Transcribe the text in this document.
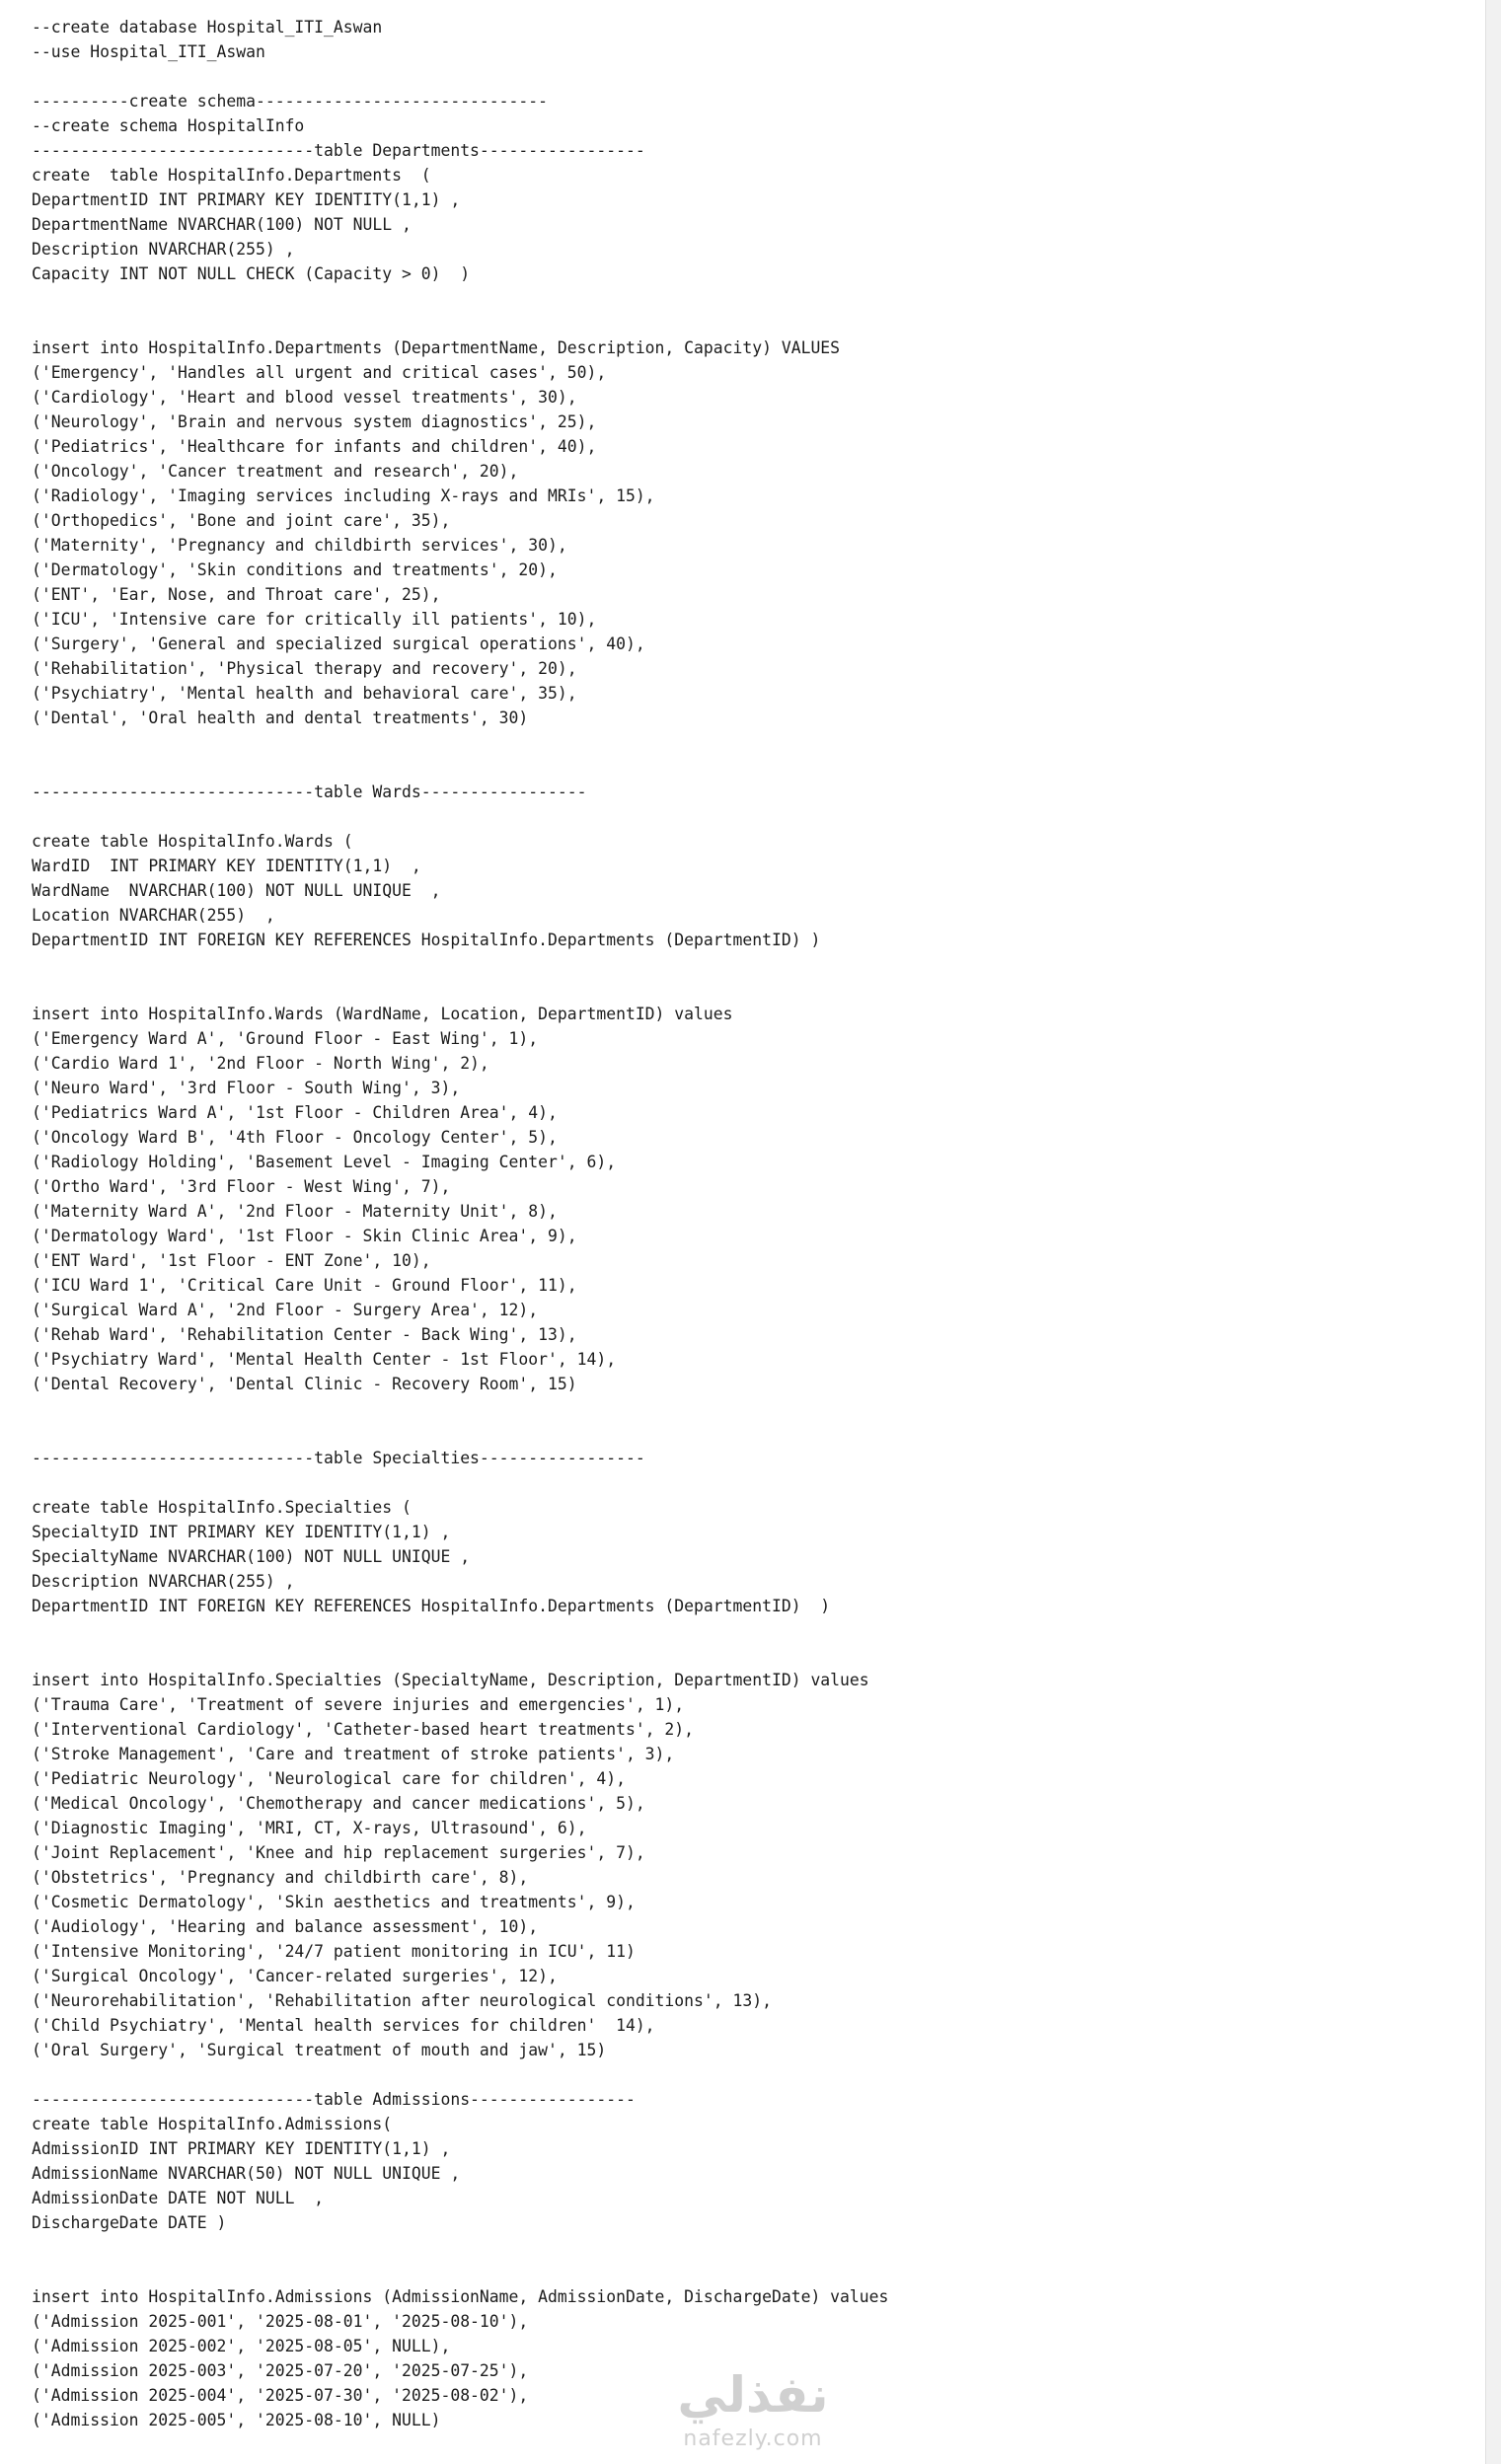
--create database Hospital_ITI_Aswan
--use Hospital_ITI_Aswan

----------create schema------------------------------
--create schema HospitalInfo
-----------------------------table Departments-----------------
create  table HospitalInfo.Departments  (
DepartmentID INT PRIMARY KEY IDENTITY(1,1) ,
DepartmentName NVARCHAR(100) NOT NULL ,
Description NVARCHAR(255) ,
Capacity INT NOT NULL CHECK (Capacity > 0)  )

insert into HospitalInfo.Departments (DepartmentName, Description, Capacity) VALUES
('Emergency', 'Handles all urgent and critical cases', 50),
('Cardiology', 'Heart and blood vessel treatments', 30),
('Neurology', 'Brain and nervous system diagnostics', 25),
('Pediatrics', 'Healthcare for infants and children', 40),
('Oncology', 'Cancer treatment and research', 20),
('Radiology', 'Imaging services including X-rays and MRIs', 15),
('Orthopedics', 'Bone and joint care', 35),
('Maternity', 'Pregnancy and childbirth services', 30),
('Dermatology', 'Skin conditions and treatments', 20),
('ENT', 'Ear, Nose, and Throat care', 25),
('ICU', 'Intensive care for critically ill patients', 10),
('Surgery', 'General and specialized surgical operations', 40),
('Rehabilitation', 'Physical therapy and recovery', 20),
('Psychiatry', 'Mental health and behavioral care', 35),
('Dental', 'Oral health and dental treatments', 30)

-----------------------------table Wards-----------------

create table HospitalInfo.Wards (
WardID  INT PRIMARY KEY IDENTITY(1,1)  ,
WardName  NVARCHAR(100) NOT NULL UNIQUE  ,
Location NVARCHAR(255)  ,
DepartmentID INT FOREIGN KEY REFERENCES HospitalInfo.Departments (DepartmentID) )

insert into HospitalInfo.Wards (WardName, Location, DepartmentID) values
('Emergency Ward A', 'Ground Floor - East Wing', 1),
('Cardio Ward 1', '2nd Floor - North Wing', 2),
('Neuro Ward', '3rd Floor - South Wing', 3),
('Pediatrics Ward A', '1st Floor - Children Area', 4),
('Oncology Ward B', '4th Floor - Oncology Center', 5),
('Radiology Holding', 'Basement Level - Imaging Center', 6),
('Ortho Ward', '3rd Floor - West Wing', 7),
('Maternity Ward A', '2nd Floor - Maternity Unit', 8),
('Dermatology Ward', '1st Floor - Skin Clinic Area', 9),
('ENT Ward', '1st Floor - ENT Zone', 10),
('ICU Ward 1', 'Critical Care Unit - Ground Floor', 11),
('Surgical Ward A', '2nd Floor - Surgery Area', 12),
('Rehab Ward', 'Rehabilitation Center - Back Wing', 13),
('Psychiatry Ward', 'Mental Health Center - 1st Floor', 14),
('Dental Recovery', 'Dental Clinic - Recovery Room', 15)

-----------------------------table Specialties-----------------

create table HospitalInfo.Specialties (
SpecialtyID INT PRIMARY KEY IDENTITY(1,1) ,
SpecialtyName NVARCHAR(100) NOT NULL UNIQUE ,
Description NVARCHAR(255) ,
DepartmentID INT FOREIGN KEY REFERENCES HospitalInfo.Departments (DepartmentID)  )

insert into HospitalInfo.Specialties (SpecialtyName, Description, DepartmentID) values
('Trauma Care', 'Treatment of severe injuries and emergencies', 1),
('Interventional Cardiology', 'Catheter-based heart treatments', 2),
('Stroke Management', 'Care and treatment of stroke patients', 3),
('Pediatric Neurology', 'Neurological care for children', 4),
('Medical Oncology', 'Chemotherapy and cancer medications', 5),
('Diagnostic Imaging', 'MRI, CT, X-rays, Ultrasound', 6),
('Joint Replacement', 'Knee and hip replacement surgeries', 7),
('Obstetrics', 'Pregnancy and childbirth care', 8),
('Cosmetic Dermatology', 'Skin aesthetics and treatments', 9),
('Audiology', 'Hearing and balance assessment', 10),
('Intensive Monitoring', '24/7 patient monitoring in ICU', 11)
('Surgical Oncology', 'Cancer-related surgeries', 12),
('Neurorehabilitation', 'Rehabilitation after neurological conditions', 13),
('Child Psychiatry', 'Mental health services for children'  14),
('Oral Surgery', 'Surgical treatment of mouth and jaw', 15)

-----------------------------table Admissions-----------------
create table HospitalInfo.Admissions(
AdmissionID INT PRIMARY KEY IDENTITY(1,1) ,
AdmissionName NVARCHAR(50) NOT NULL UNIQUE ,
AdmissionDate DATE NOT NULL  ,
DischargeDate DATE )

insert into HospitalInfo.Admissions (AdmissionName, AdmissionDate, DischargeDate) values
('Admission 2025-001', '2025-08-01', '2025-08-10'),
('Admission 2025-002', '2025-08-05', NULL),
('Admission 2025-003', '2025-07-20', '2025-07-25'),
('Admission 2025-004', '2025-07-30', '2025-08-02'),
('Admission 2025-005', '2025-08-10', NULL)	نفذلي
nafezly.com
